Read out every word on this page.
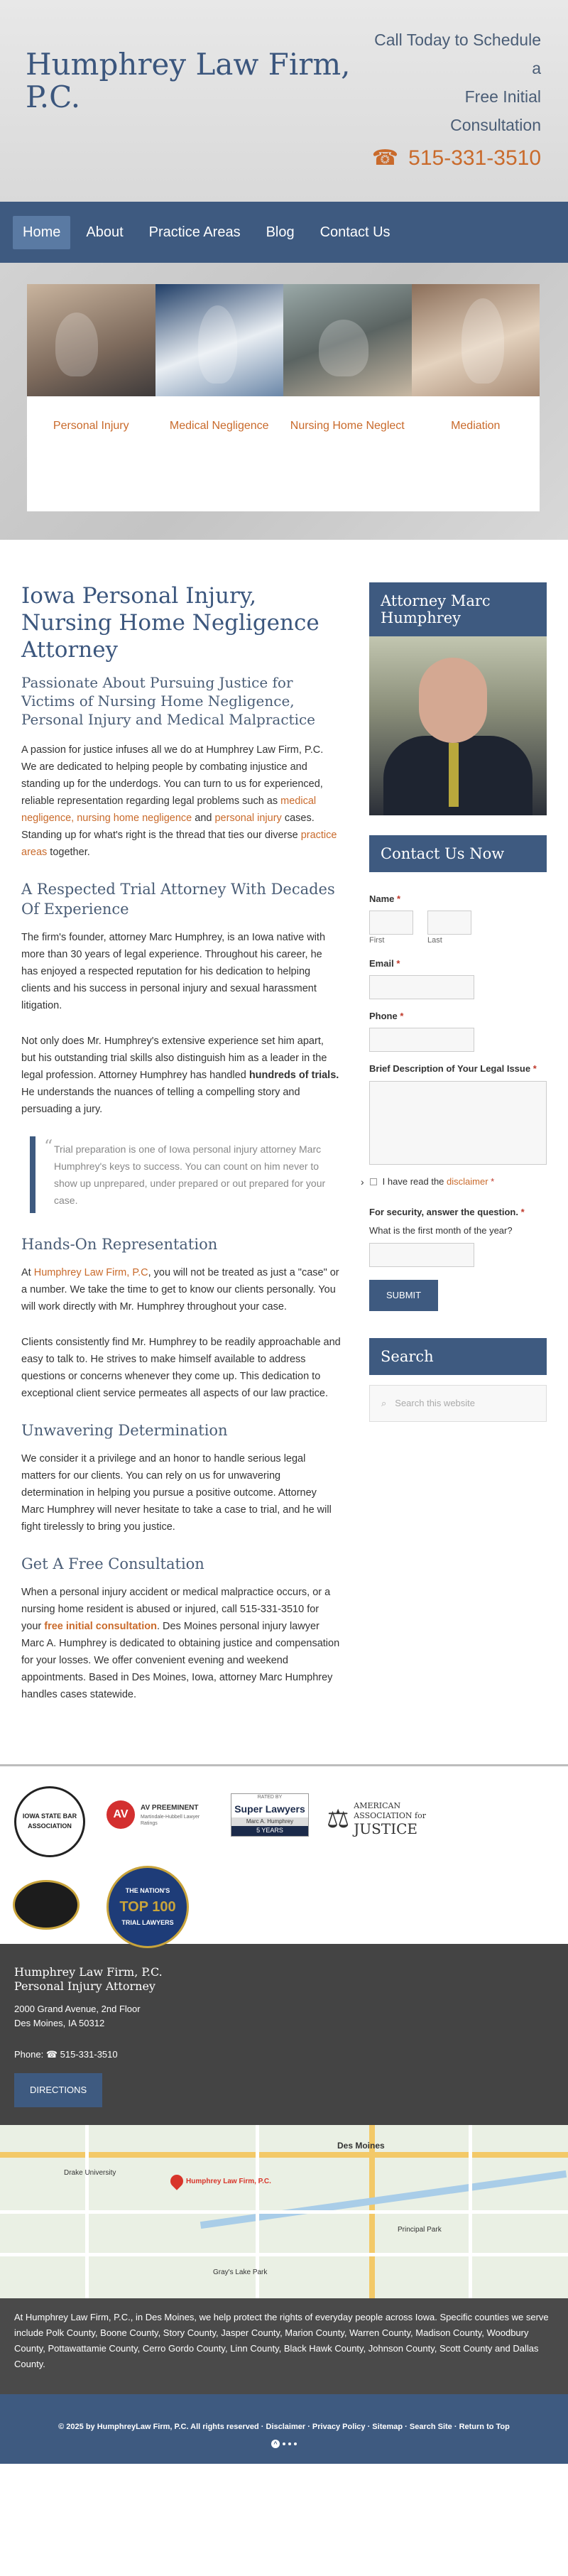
Humphrey Law Firm, P.C.
Call Today to Schedule
a
Free Initial
Consultation
☎ 515-331-3510
Home	About	Practice Areas	Blog	Contact Us
Personal Injury	Medical Negligence	Nursing Home Neglect	Mediation
Iowa Personal Injury, Nursing Home Negligence Attorney
Passionate About Pursuing Justice for Victims of Nursing Home Negligence, Personal Injury and Medical Malpractice

A passion for justice infuses all we do at Humphrey Law Firm, P.C. We are dedicated to helping people by combating injustice and standing up for the underdogs. You can turn to us for experienced, reliable representation regarding legal problems such as medical negligence, nursing home negligence and personal injury cases. Standing up for what's right is the thread that ties our diverse practice areas together.

A Respected Trial Attorney With Decades Of Experience

The firm's founder, attorney Marc Humphrey, is an Iowa native with more than 30 years of legal experience. Throughout his career, he has enjoyed a respected reputation for his dedication to helping clients and his success in personal injury and sexual harassment litigation.

Not only does Mr. Humphrey's extensive experience set him apart, but his outstanding trial skills also distinguish him as a leader in the legal profession. Attorney Humphrey has handled hundreds of trials. He understands the nuances of telling a compelling story and persuading a jury.

“ Trial preparation is one of Iowa personal injury attorney Marc Humphrey's keys to success. You can count on him never to show up unprepared, under prepared or out prepared for your case.
Hands-On Representation

At Humphrey Law Firm, P.C, you will not be treated as just a "case" or a number. We take the time to get to know our clients personally. You will work directly with Mr. Humphrey throughout your case.

Clients consistently find Mr. Humphrey to be readily approachable and easy to talk to. He strives to make himself available to address questions or concerns whenever they come up. This dedication to exceptional client service permeates all aspects of our law practice.

Unwavering Determination

We consider it a privilege and an honor to handle serious legal matters for our clients. You can rely on us for unwavering determination in helping you pursue a positive outcome. Attorney Marc Humphrey will never hesitate to take a case to trial, and he will fight tirelessly to bring you justice.

Get A Free Consultation

When a personal injury accident or medical malpractice occurs, or a nursing home resident is abused or injured, call 515-331-3510 for your free initial consultation. Des Moines personal injury lawyer Marc A. Humphrey is dedicated to obtaining justice and compensation for your losses. We offer convenient evening and weekend appointments. Based in Des Moines, Iowa, attorney Marc Humphrey handles cases statewide.

Attorney Marc Humphrey
Contact Us Now
Name *
First	Last
Email *
Phone *
Brief Description of Your Legal Issue *
› I have read the disclaimer *
For security, answer the question. *
What is the first month of the year?
SUBMIT
Search
⌕ Search this website
IOWA STATE BAR ASSOCIATION
AV	AV PREEMINENT
Martindale-Hubbell Lawyer Ratings
RATED BY
Super Lawyers
Marc A. Humphrey
5 YEARS	⚖ AMERICAN
ASSOCIATION for
JUSTICE
THE NATION'S
TOP 100
TRIAL LAWYERS
Humphrey Law Firm, P.C.
Personal Injury Attorney
2000 Grand Avenue, 2nd Floor
Des Moines, IA 50312
Phone: ☎ 515-331-3510
DIRECTIONS
Des Moines
Humphrey Law Firm, P.C.
Drake University
Principal Park
Gray's Lake Park
At Humphrey Law Firm, P.C., in Des Moines, we help protect the rights of everyday people across Iowa. Specific counties we serve include Polk County, Boone County, Story County, Jasper County, Marion County, Warren County, Madison County, Woodbury County, Pottawattamie County, Cerro Gordo County, Linn County, Black Hawk County, Johnson County, Scott County and Dallas County.
© 2025 by HumphreyLaw Firm, P.C. All rights reserved · Disclaimer · Privacy Policy · Sitemap · Search Site · Return to Top
^
